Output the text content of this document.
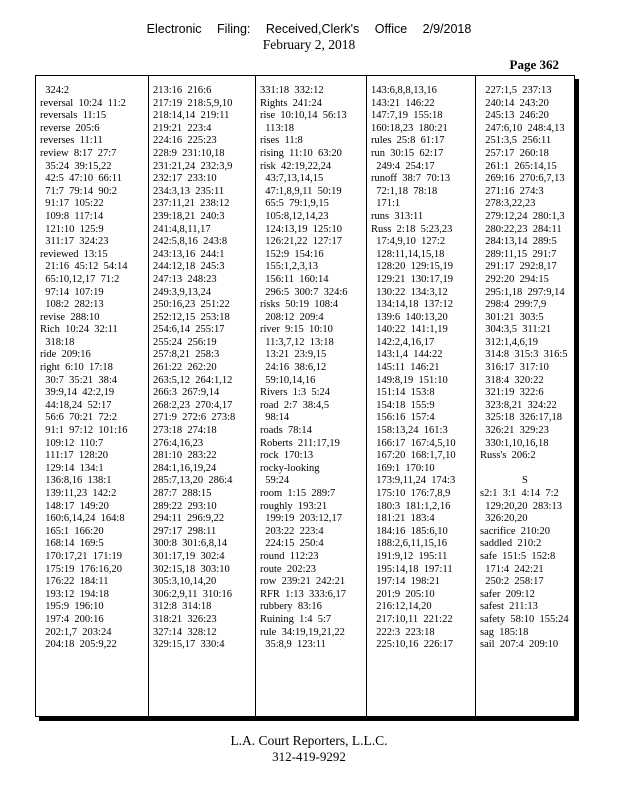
Electronic Filing: Received,Clerk's Office 2/9/2018
February 2, 2018
Page 362
324:2
reversal  10:24  11:2
reversals  11:15
reverse  205:6
reverses  11:11
review  8:17  27:7
35:24  39:15,22
42:5  47:10  66:11
71:7  79:14  90:2
91:17  105:22
109:8  117:14
121:10  125:9
311:17  324:23
reviewed  13:15
21:16  45:12  54:14
65:10,12,17  71:2
97:14  107:19
108:2  282:13
revise  288:10
Rich  10:24  32:11
318:18
ride  209:16
right  6:10  17:18
30:7  35:21  38:4
39:9,14  42:2,19
44:18,24  52:17
56:6  70:21  72:2
91:1  97:12  101:16
109:12  110:7
111:17  128:20
129:14  134:1
136:8,16  138:1
139:11,23  142:2
148:17  149:20
160:6,14,24  164:8
165:1  166:20
168:14  169:5
170:17,21  171:19
175:19  176:16,20
176:22  184:11
193:12  194:18
195:9  196:10
197:4  200:16
202:1,7  203:24
204:18  205:9,22
213:16  216:6
217:19  218:5,9,10
218:14,14  219:11
219:21  223:4
224:16  225:23
228:9  231:10,18
231:21,24  232:3,9
232:17  233:10
234:3,13  235:11
237:11,21  238:12
239:18,21  240:3
241:4,8,11,17
242:5,8,16  243:8
243:13,16  244:1
244:12,18  245:3
247:13  248:23
249:3,9,13,24
250:16,23  251:22
252:12,15  253:18
254:6,14  255:17
255:24  256:19
257:8,21  258:3
261:22  262:20
263:5,12  264:1,12
266:3  267:9,14
268:2,23  270:4,17
271:9  272:6  273:8
273:18  274:18
276:4,16,23
281:10  283:22
284:1,16,19,24
285:7,13,20  286:4
287:7  288:15
289:22  293:10
294:11  296:9,22
297:17  298:11
300:8  301:6,8,14
301:17,19  302:4
302:15,18  303:10
305:3,10,14,20
306:2,9,11  310:16
312:8  314:18
318:21  326:23
327:14  328:12
329:15,17  330:4
331:18  332:12
Rights  241:24
rise  10:10,14  56:13
113:18
rises  11:8
rising  11:10  63:20
risk  42:19,22,24
43:7,13,14,15
47:1,8,9,11  50:19
65:5  79:1,9,15
105:8,12,14,23
124:13,19  125:10
126:21,22  127:17
152:9  154:16
155:1,2,3,13
156:11  160:14
296:5  300:7  324:6
risks  50:19  108:4
208:12  209:4
river  9:15  10:10
11:3,7,12  13:18
13:21  23:9,15
24:16  38:6,12
59:10,14,16
Rivers  1:3  5:24
road  2:7  38:4,5
98:14
roads  78:14
Roberts  211:17,19
rock  170:13
rocky-looking
59:24
room  1:15  289:7
roughly  193:21
199:19  203:12,17
203:22  223:4
224:15  250:4
round  112:23
route  202:23
row  239:21  242:21
RFR  1:13  333:6,17
rubbery  83:16
Ruining  1:4  5:7
rule  34:19,19,21,22
35:8,9  123:11
143:6,8,8,13,16
143:21  146:22
147:7,19  155:18
160:18,23  180:21
rules  25:8  61:17
run  30:15  62:17
249:4  254:17
runoff  38:7  70:13
72:1,18  78:18
171:1
runs  313:11
Russ  2:18  5:23,23
17:4,9,10  127:2
128:11,14,15,18
128:20  129:15,19
129:21  130:17,19
130:22  134:3,12
134:14,18  137:12
139:6  140:13,20
140:22  141:1,19
142:2,4,16,17
143:1,4  144:22
145:11  146:21
149:8,19  151:10
151:14  153:8
154:18  155:9
156:16  157:4
158:13,24  161:3
166:17  167:4,5,10
167:20  168:1,7,10
169:1  170:10
173:9,11,24  174:3
175:10  176:7,8,9
180:3  181:1,2,16
181:21  183:4
184:16  185:6,10
188:2,6,11,15,16
191:9,12  195:11
195:14,18  197:11
197:14  198:21
201:9  205:10
216:12,14,20
217:10,11  221:22
222:3  223:18
225:10,16  226:17
227:1,5  237:13
240:14  243:20
245:13  246:20
247:6,10  248:4,13
251:3,5  256:11
257:17  260:18
261:1  265:14,15
269:16  270:6,7,13
271:16  274:3
278:3,22,23
279:12,24  280:1,3
280:22,23  284:11
284:13,14  289:5
289:11,15  291:7
291:17  292:8,17
292:20  294:15
295:1,18  297:9,14
298:4  299:7,9
301:21  303:5
304:3,5  311:21
312:1,4,6,19
314:8  315:3  316:5
316:17  317:10
318:4  320:22
321:19  322:6
323:8,21  324:22
325:18  326:17,18
326:21  329:23
330:1,10,16,18
Russ's  206:2
S
s2:1  3:1  4:14  7:2
129:20,20  283:13
326:20,20
sacrifice  210:20
saddled  210:2
safe  151:5  152:8
171:4  242:21
250:2  258:17
safer  209:12
safest  211:13
safety  58:10  155:24
sag  185:18
sail  207:4  209:10
L.A. Court Reporters, L.L.C.
312-419-9292
